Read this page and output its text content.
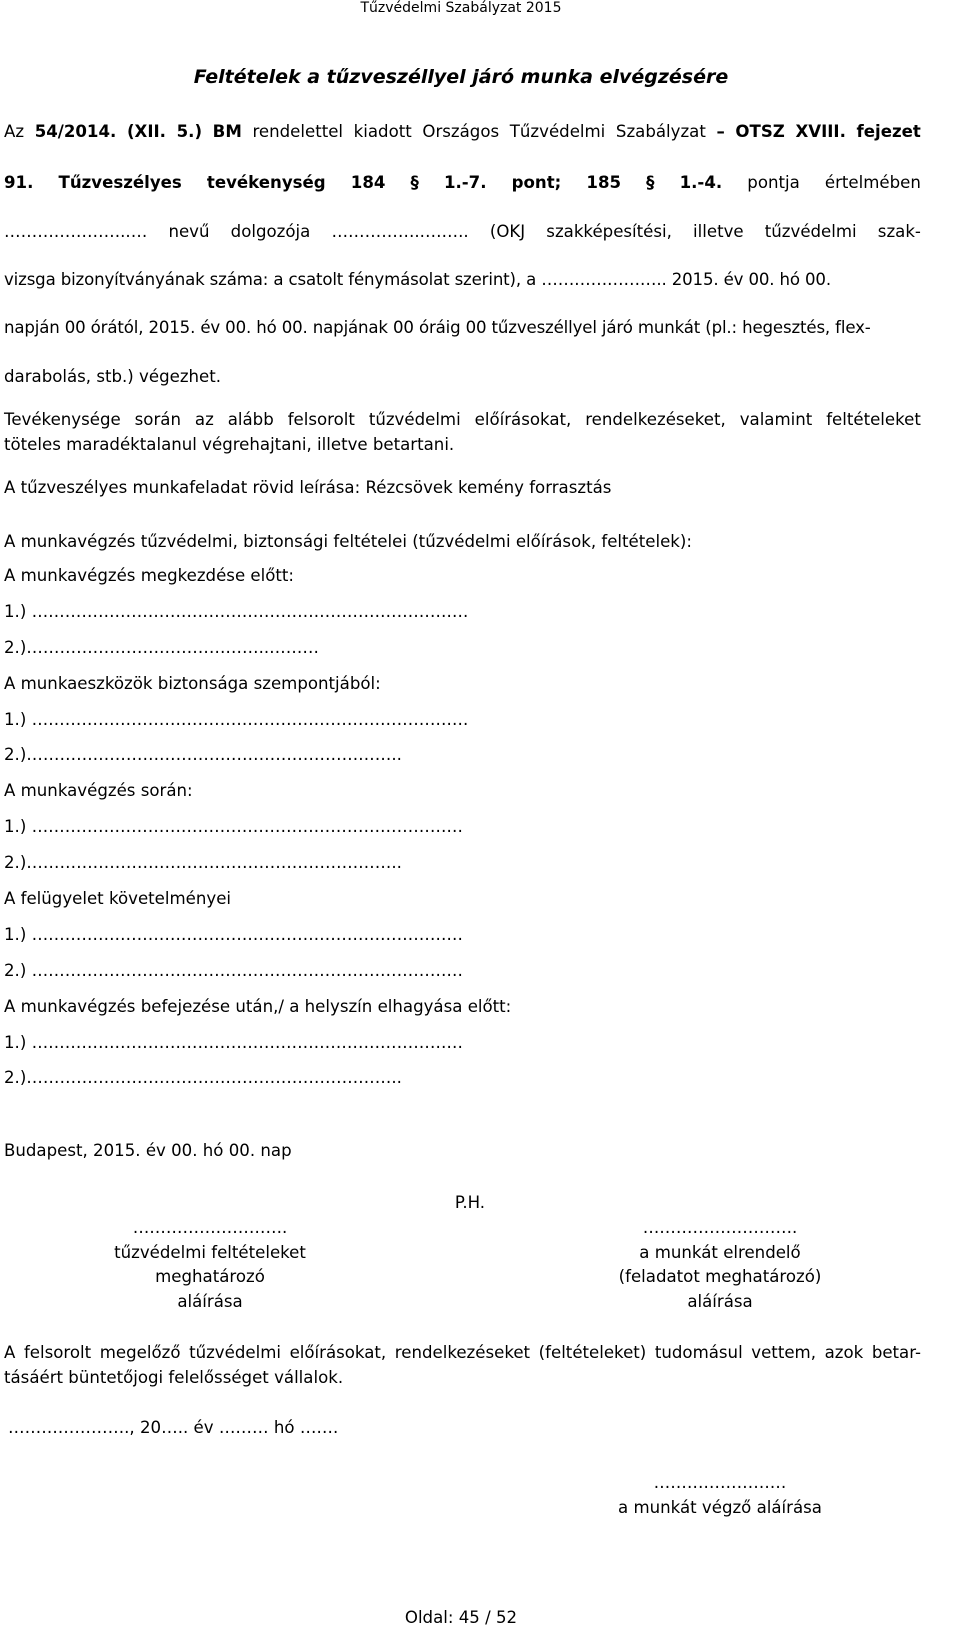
Tűzvédelmi Szabályzat 2015
Feltételek a tűzveszéllyel járó munka elvégzésére
Az 54/2014. (XII. 5.) BM rendelettel kiadott Országos Tűzvédelmi Szabályzat – OTSZ XVIII. fejezet
91. Tűzveszélyes tevékenység 184 § 1.-7. pont; 185 § 1.-4. pontja értelmében
…………………..… nevű dolgozója ……………..…….. (OKJ szakképesítési, illetve tűzvédelmi szak-
vizsga bizonyítványának száma: a csatolt fénymásolat szerint), a ………………….. 2015. év 00. hó 00.
napján 00 órától, 2015. év 00. hó 00. napjának 00 óráig 00 tűzveszéllyel járó munkát (pl.: hegesztés, flex-
darabolás, stb.) végezhet.
Tevékenysége során az alább felsorolt tűzvédelmi előírásokat, rendelkezéseket, valamint feltételeket
töteles maradéktalanul végrehajtani, illetve betartani.
A tűzveszélyes munkafeladat rövid leírása: Rézcsövek kemény forrasztás
A munkavégzés tűzvédelmi, biztonsági feltételei (tűzvédelmi előírások, feltételek):
A munkavégzés megkezdése előtt:
1.) …………………………………………………………………….
2.)……………………………………..………
A munkaeszközök biztonsága szempontjából:
1.) …………………………………………………………………….
2.)…………………………………………………………..
A munkavégzés során:
1.) ……………………………………………………………………
2.)…………………………………………………………..
A felügyelet követelményei
1.) ……………………………………………………………………
2.) ……………………………………………………………………
A munkavégzés befejezése után,/ a helyszín elhagyása előtt:
1.) ……………………………………………………………………
2.)…………………………………………………………..
Budapest, 2015. év 00. hó 00. nap
P.H.
……………………….
tűzvédelmi feltételeket
meghatározó
aláírása
……………………….
a munkát elrendelő
(feladatot meghatározó)
aláírása
A felsorolt megelőző tűzvédelmi előírásokat, rendelkezéseket (feltételeket) tudomásul vettem, azok betar-
tásáért büntetőjogi felelősséget vállalok.
…………………., 20….. év ……… hó …….
……………………
a munkát végző aláírása
Oldal: 45 / 52
